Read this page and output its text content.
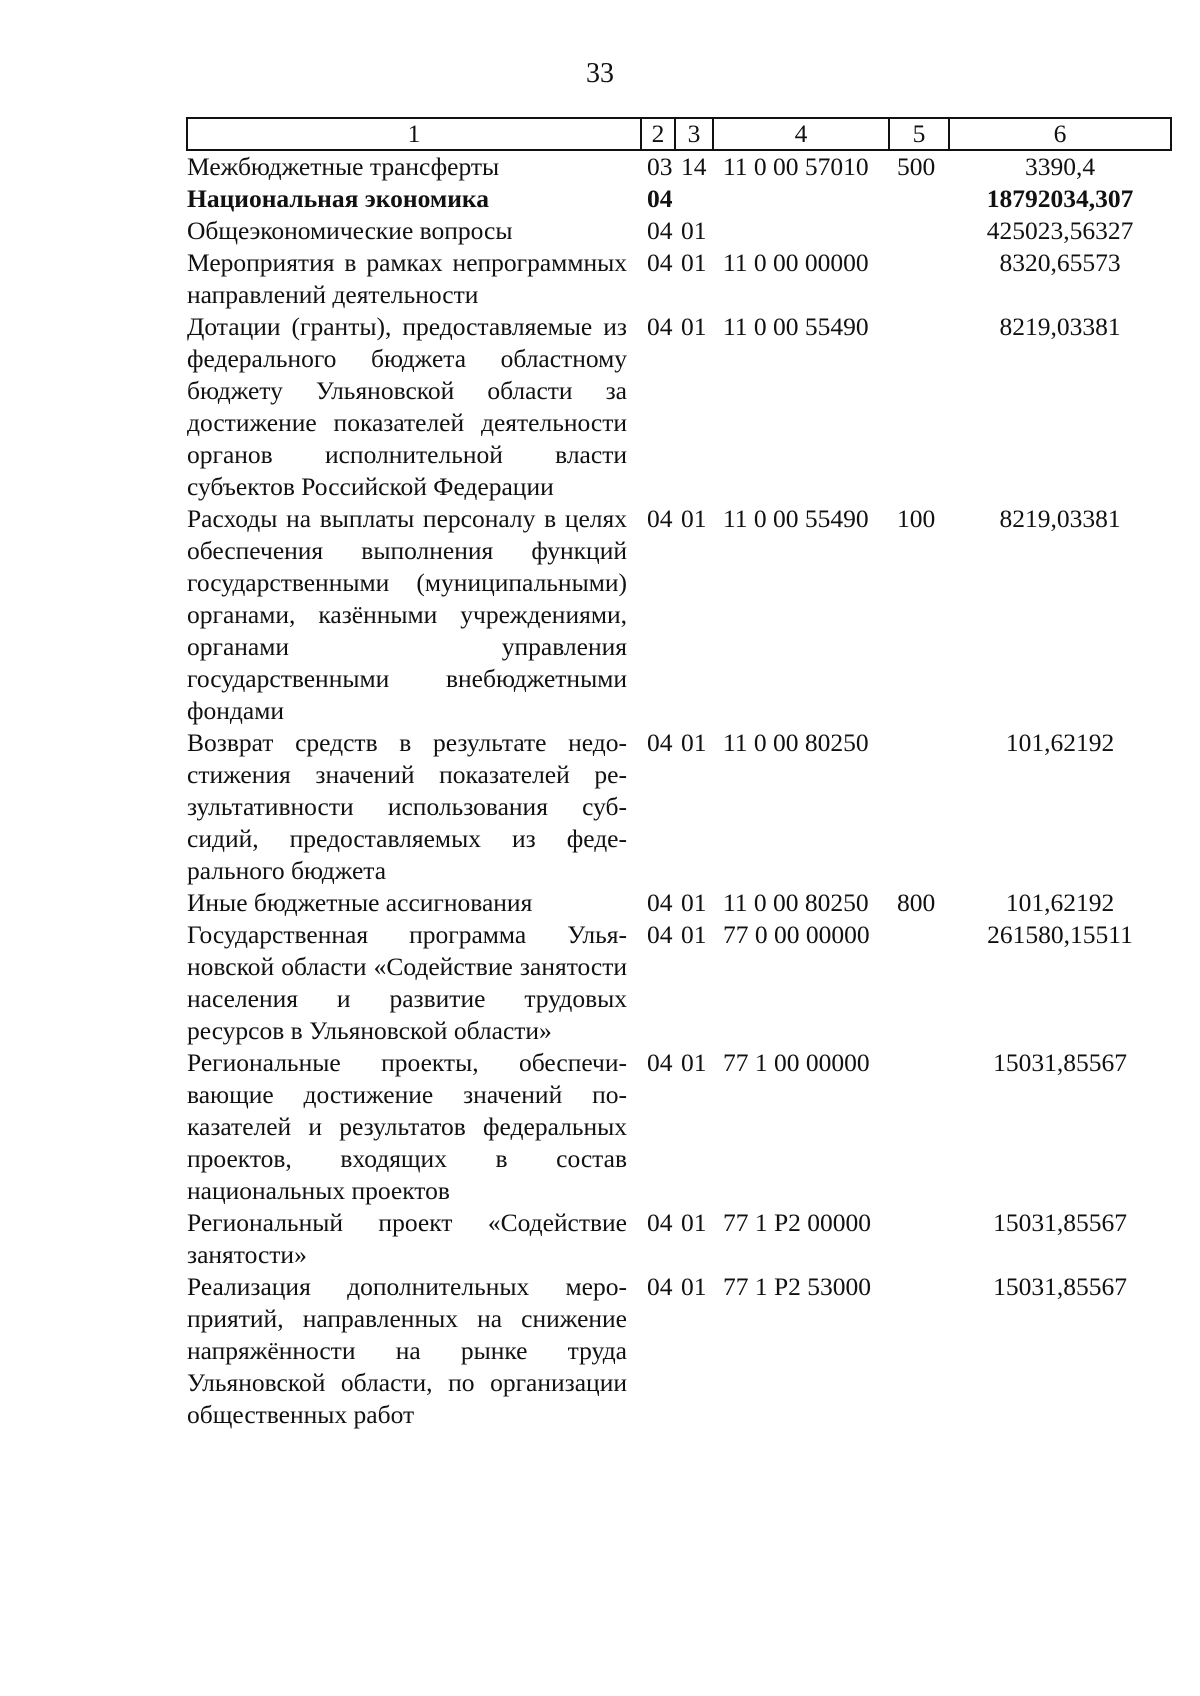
33
1	2	3	4	5	6
Межбюджетные трансферты	03	14	11 0 00 57010	500	3390,4
Национальная экономика	04				18792034,307
Общеэкономические вопросы	04	01			425023,56327
Мероприятия в рамках непрограммных направлений деятельности	04	01	11 0 00 00000		8320,65573
Дотации (гранты), предоставляемые из федерального бюджета областному бюджету Ульяновской области за достижение показателей деятельности органов исполнительной власти субъектов Российской Федерации	04	01	11 0 00 55490		8219,03381
Расходы на выплаты персоналу в целях обеспечения выполнения функций государственными (муниципальными) органами, казёнными учреждениями, органами управления государственными внебюджетными фондами	04	01	11 0 00 55490	100	8219,03381
Возврат средств в результате недостижения значений показателей результативности использования субсидий, предоставляемых из федерального бюджета	04	01	11 0 00 80250		101,62192
Иные бюджетные ассигнования	04	01	11 0 00 80250	800	101,62192
Государственная программа Ульяновской области «Содействие занятости населения и развитие трудовых ресурсов в Ульяновской области»	04	01	77 0 00 00000		261580,15511
Региональные проекты, обеспечивающие достижение значений показателей и результатов федеральных проектов, входящих в состав национальных проектов	04	01	77 1 00 00000		15031,85567
Региональный проект «Содействие занятости»	04	01	77 1 P2 00000		15031,85567
Реализация дополнительных мероприятий, направленных на снижение напряжённости на рынке труда Ульяновской области, по организации общественных работ	04	01	77 1 P2 53000		15031,85567
